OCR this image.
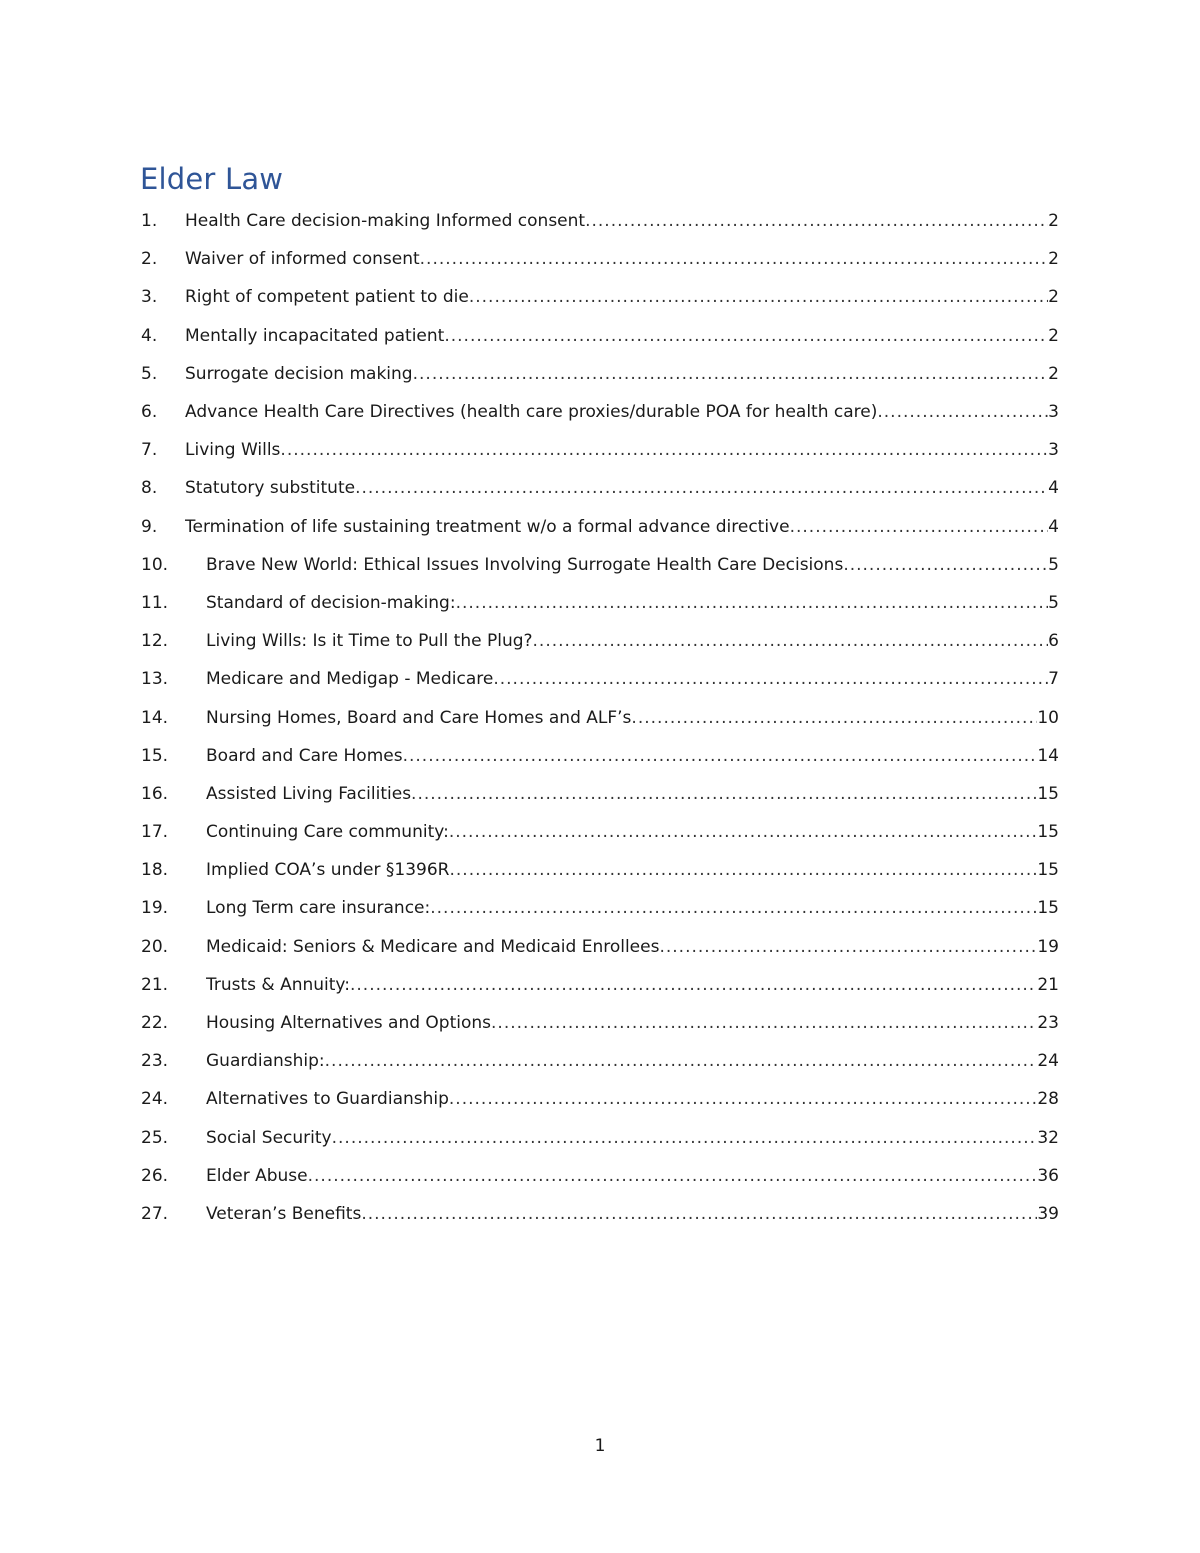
Elder Law
1.	Health Care decision-making Informed consent .....	2
2.	Waiver of informed consent .....	2
3.	Right of competent patient to die .....	2
4.	Mentally incapacitated patient .....	2
5.	Surrogate decision making .....	2
6.	Advance Health Care Directives (health care proxies/durable POA for health care) .....	3
7.	Living Wills .....	3
8.	Statutory substitute .....	4
9.	Termination of life sustaining treatment w/o a formal advance directive .....	4
10.	Brave New World: Ethical Issues Involving Surrogate Health Care Decisions .....	5
11.	Standard of decision-making: .....	5
12.	Living Wills: Is it Time to Pull the Plug? .....	6
13.	Medicare and Medigap - Medicare .....	7
14.	Nursing Homes, Board and Care Homes and ALF’s .....	10
15.	Board and Care Homes .....	14
16.	Assisted Living Facilities .....	15
17.	Continuing Care community: .....	15
18.	Implied COA’s under §1396R .....	15
19.	Long Term care insurance: .....	15
20.	Medicaid: Seniors & Medicare and Medicaid Enrollees .....	19
21.	Trusts & Annuity: .....	21
22.	Housing Alternatives and Options .....	23
23.	Guardianship: .....	24
24.	Alternatives to Guardianship .....	28
25.	Social Security .....	32
26.	Elder Abuse .....	36
27.	Veteran’s Benefits .....	39
1
